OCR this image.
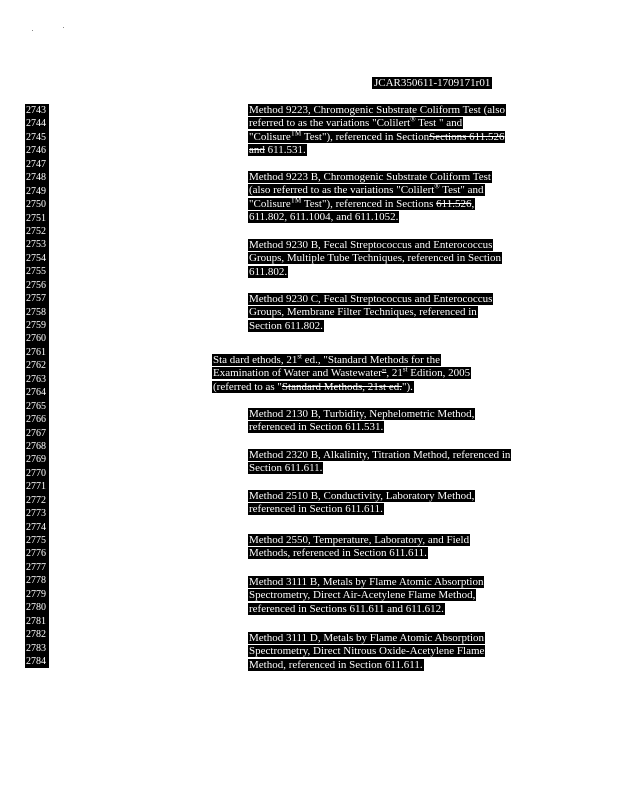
JCAR350611-1709171r01
2743
2744
2745
2746
2747
2748
2749
2750
2751
2752
2753
2754
2755
2756
2757
2758
2759
2760
2761
2762
2763
2764
2765
2766
2767
2768
2769
2770
2771
2772
2773
2774
2775
2776
2777
2778
2779
2780
2781
2782
2783
2784
Method 9223, Chromogenic Substrate Coliform Test (also
referred to as the variations "Colilert® Test " and
"Colisure™ Test"), referenced in SectionSections 611.526
and 611.531.
Method 9223 B, Chromogenic Substrate Coliform Test
(also referred to as the variations "Colilert® Test" and
"Colisure™ Test"), referenced in Sections 611.526,
611.802, 611.1004, and 611.1052.
Method 9230 B, Fecal Streptococcus and Enterococcus
Groups, Multiple Tube Techniques, referenced in Section
611.802.
Method 9230 C, Fecal Streptococcus and Enterococcus
Groups, Membrane Filter Techniques, referenced in
Section 611.802.
Sta dard ethods, 21st ed., "Standard Methods for the
Examination of Water and Wastewater", 21st Edition, 2005
(referred to as "Standard Methods, 21st ed.").
Method 2130 B, Turbidity, Nephelometric Method,
referenced in Section 611.531.
Method 2320 B, Alkalinity, Titration Method, referenced in
Section 611.611.
Method 2510 B, Conductivity, Laboratory Method,
referenced in Section 611.611.
Method 2550, Temperature, Laboratory, and Field
Methods, referenced in Section 611.611.
Method 3111 B, Metals by Flame Atomic Absorption
Spectrometry, Direct Air-Acetylene Flame Method,
referenced in Sections 611.611 and 611.612.
Method 3111 D, Metals by Flame Atomic Absorption
Spectrometry, Direct Nitrous Oxide-Acetylene Flame
Method, referenced in Section 611.611.
